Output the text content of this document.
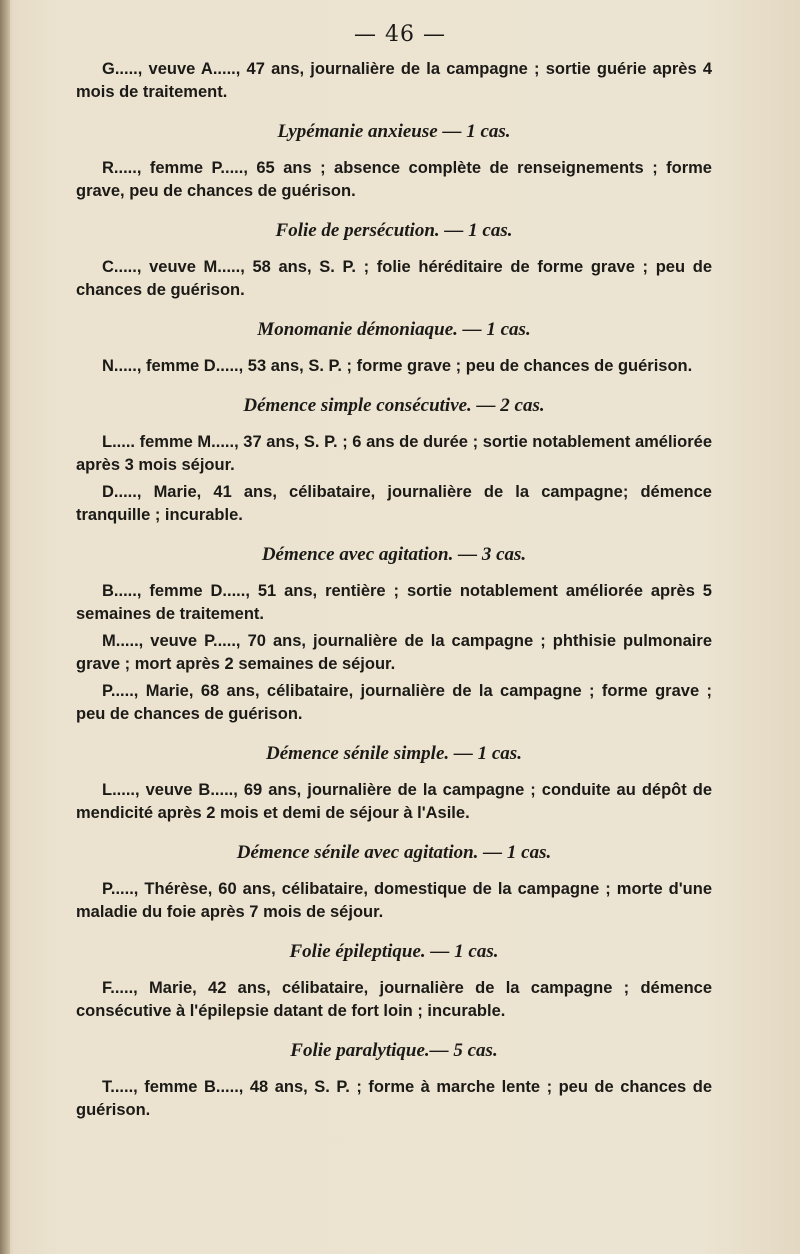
— 46 —

G....., veuve A....., 47 ans, journalière de la campagne ; sortie guérie après 4 mois de traitement.

Lypémanie anxieuse — 1 cas.

R....., femme P....., 65 ans ; absence complète de renseignements ; forme grave, peu de chances de guérison.

Folie de persécution. — 1 cas.

C....., veuve M....., 58 ans, S. P. ; folie héréditaire de forme grave ; peu de chances de guérison.

Monomanie démoniaque. — 1 cas.

N....., femme D....., 53 ans, S. P. ; forme grave ; peu de chances de guérison.

Démence simple consécutive. — 2 cas.

L..... femme M....., 37 ans, S. P. ; 6 ans de durée ; sortie notablement améliorée après 3 mois séjour.

D....., Marie, 41 ans, célibataire, journalière de la campagne; démence tranquille ; incurable.

Démence avec agitation. — 3 cas.

B....., femme D....., 51 ans, rentière ; sortie notablement améliorée après 5 semaines de traitement.

M....., veuve P....., 70 ans, journalière de la campagne ; phthisie pulmonaire grave ; mort après 2 semaines de séjour.

P....., Marie, 68 ans, célibataire, journalière de la campagne ; forme grave ; peu de chances de guérison.

Démence sénile simple. — 1 cas.

L....., veuve B....., 69 ans, journalière de la campagne ; conduite au dépôt de mendicité après 2 mois et demi de séjour à l'Asile.

Démence sénile avec agitation. — 1 cas.

P....., Thérèse, 60 ans, célibataire, domestique de la campagne ; morte d'une maladie du foie après 7 mois de séjour.

Folie épileptique. — 1 cas.

F....., Marie, 42 ans, célibataire, journalière de la campagne ; démence consécutive à l'épilepsie datant de fort loin ; incurable.

Folie paralytique.— 5 cas.

T....., femme B....., 48 ans, S. P. ; forme à marche lente ; peu de chances de guérison.
